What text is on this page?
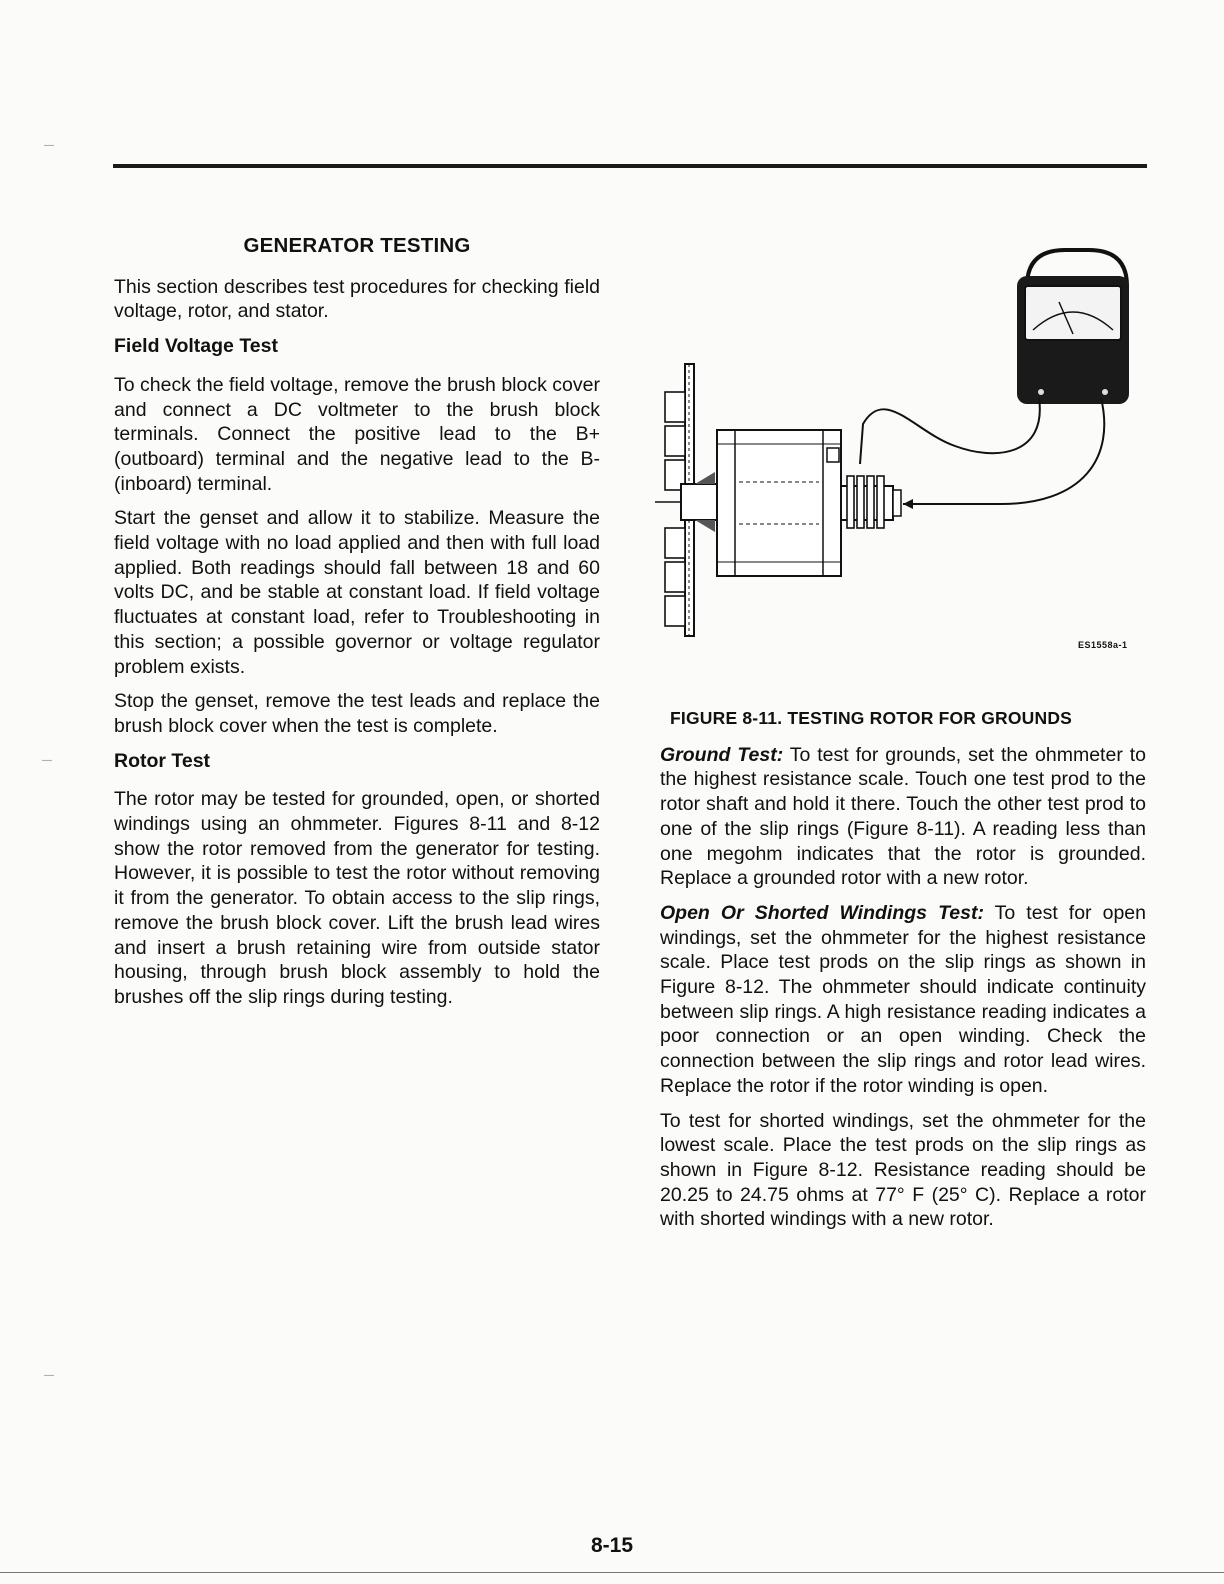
—
—
—
GENERATOR TESTING

This section describes test procedures for checking field voltage, rotor, and stator.

Field Voltage Test

To check the field voltage, remove the brush block cover and connect a DC voltmeter to the brush block terminals. Connect the positive lead to the B+ (outboard) terminal and the negative lead to the B- (inboard) terminal.

Start the genset and allow it to stabilize. Measure the field voltage with no load applied and then with full load applied. Both readings should fall between 18 and 60 volts DC, and be stable at constant load. If field voltage fluctuates at constant load, refer to Troubleshooting in this section; a possible governor or voltage regulator problem exists.

Stop the genset, remove the test leads and replace the brush block cover when the test is complete.

Rotor Test

The rotor may be tested for grounded, open, or shorted windings using an ohmmeter. Figures 8-11 and 8-12 show the rotor removed from the generator for testing. However, it is possible to test the rotor without removing it from the generator. To obtain access to the slip rings, remove the brush block cover. Lift the brush lead wires and insert a brush retaining wire from outside stator housing, through brush block assembly to hold the brushes off the slip rings during testing.

ES1558a-1
FIGURE 8-11. TESTING ROTOR FOR GROUNDS

Ground Test: To test for grounds, set the ohmmeter to the highest resistance scale. Touch one test prod to the rotor shaft and hold it there. Touch the other test prod to one of the slip rings (Figure 8-11). A reading less than one megohm indicates that the rotor is grounded. Replace a grounded rotor with a new rotor.

Open Or Shorted Windings Test: To test for open windings, set the ohmmeter for the highest resistance scale. Place test prods on the slip rings as shown in Figure 8-12. The ohmmeter should indicate continuity between slip rings. A high resistance reading indicates a poor connection or an open winding. Check the connection between the slip rings and rotor lead wires. Replace the rotor if the rotor winding is open.

To test for shorted windings, set the ohmmeter for the lowest scale. Place the test prods on the slip rings as shown in Figure 8-12. Resistance reading should be 20.25 to 24.75 ohms at 77° F (25° C). Replace a rotor with shorted windings with a new rotor.

8-15
